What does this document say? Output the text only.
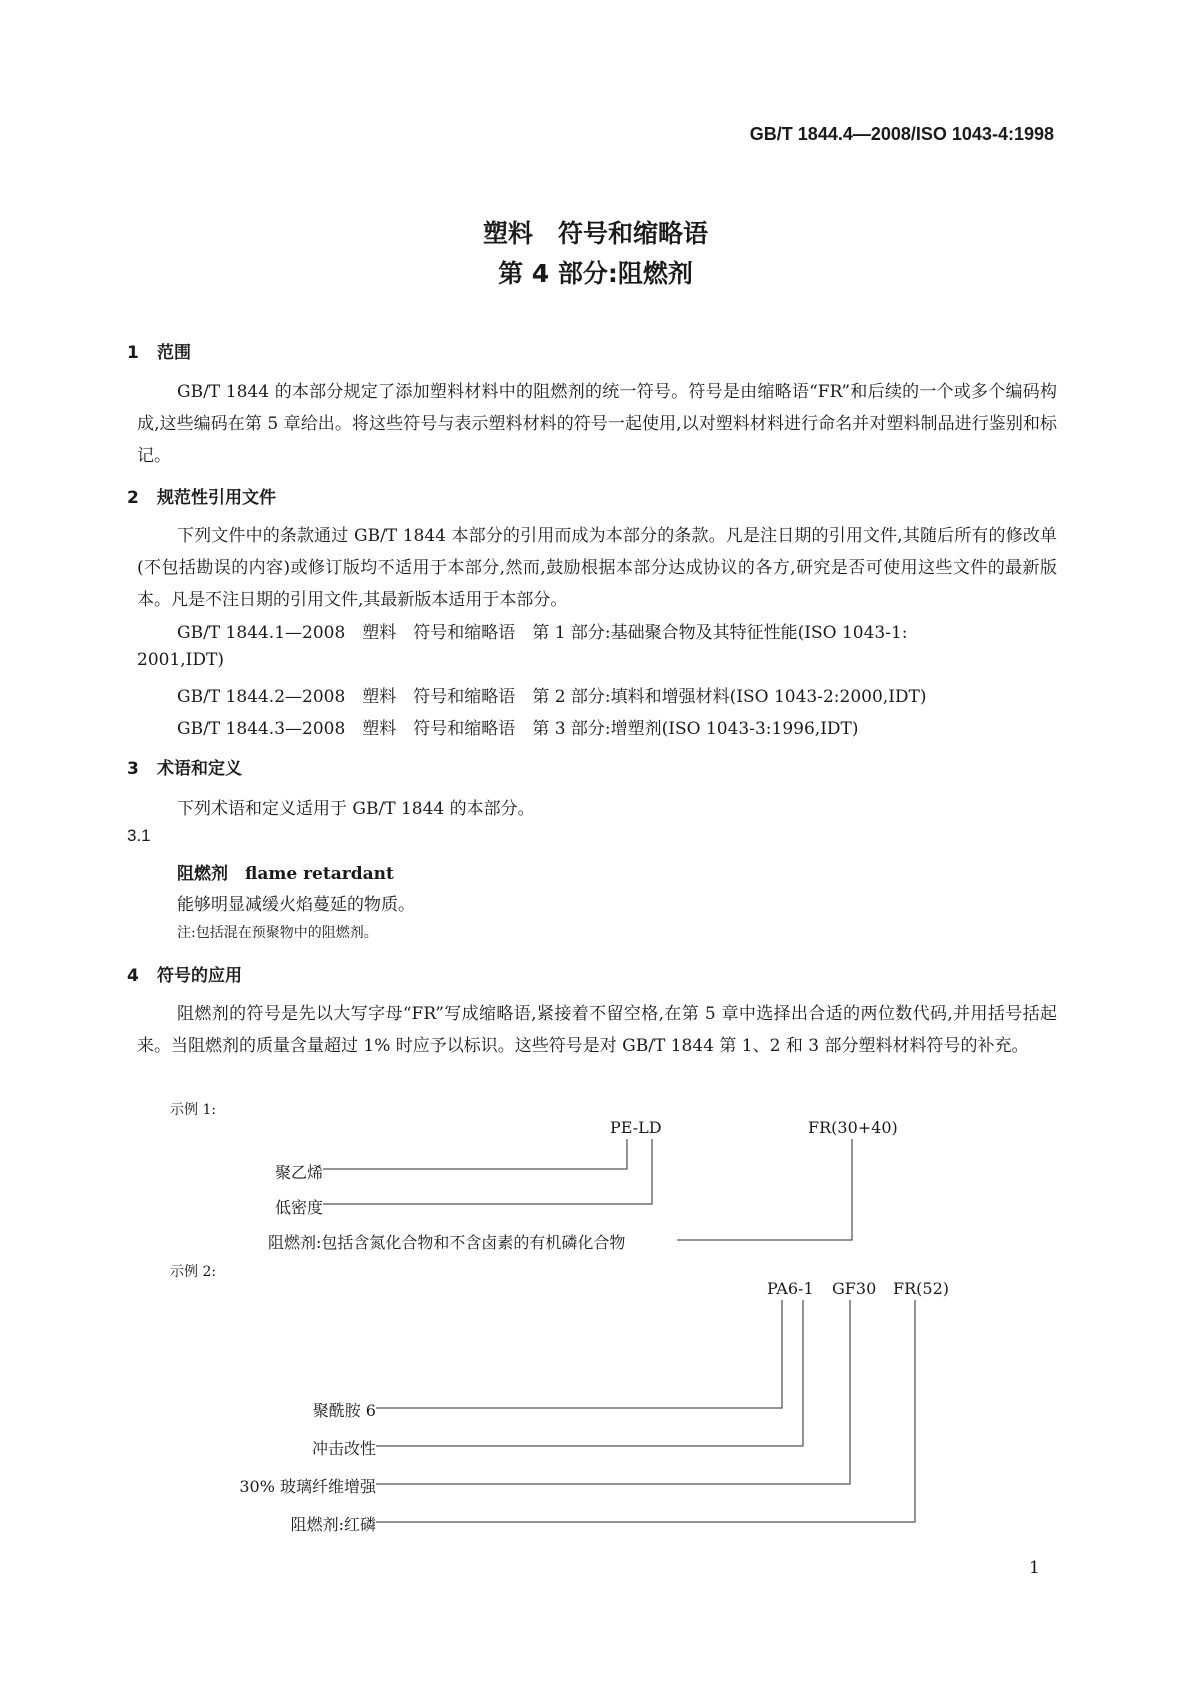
GB/T 1844.4—2008/ISO 1043-4:1998
塑料　符号和缩略语
第 4 部分:阻燃剂
1 范围
GB/T 1844 的本部分规定了添加塑料材料中的阻燃剂的统一符号。符号是由缩略语“FR”和后续的一个或多个编码构成,这些编码在第 5 章给出。将这些符号与表示塑料材料的符号一起使用,以对塑料材料进行命名并对塑料制品进行鉴别和标记。
2 规范性引用文件
下列文件中的条款通过 GB/T 1844 本部分的引用而成为本部分的条款。凡是注日期的引用文件,其随后所有的修改单(不包括勘误的内容)或修订版均不适用于本部分,然而,鼓励根据本部分达成协议的各方,研究是否可使用这些文件的最新版本。凡是不注日期的引用文件,其最新版本适用于本部分。
GB/T 1844.1—2008　塑料　符号和缩略语　第 1 部分:基础聚合物及其特征性能(ISO 1043-1:
2001,IDT)
GB/T 1844.2—2008　塑料　符号和缩略语　第 2 部分:填料和增强材料(ISO 1043-2:2000,IDT)
GB/T 1844.3—2008　塑料　符号和缩略语　第 3 部分:增塑剂(ISO 1043-3:1996,IDT)
3 术语和定义
下列术语和定义适用于 GB/T 1844 的本部分。
3.1
阻燃剂　flame retardant
能够明显减缓火焰蔓延的物质。
注:包括混在预聚物中的阻燃剂。
4 符号的应用
阻燃剂的符号是先以大写字母“FR”写成缩略语,紧接着不留空格,在第 5 章中选择出合适的两位数代码,并用括号括起来。当阻燃剂的质量含量超过 1% 时应予以标识。这些符号是对 GB/T 1844 第 1、2 和 3 部分塑料材料符号的补充。
示例 1:
PE-LD	FR(30+40)
聚乙烯
低密度
阻燃剂:包括含氮化合物和不含卤素的有机磷化合物
示例 2:
PA6-1 GF30 FR(52)
聚酰胺 6
冲击改性
30% 玻璃纤维增强
阻燃剂:红磷
1
